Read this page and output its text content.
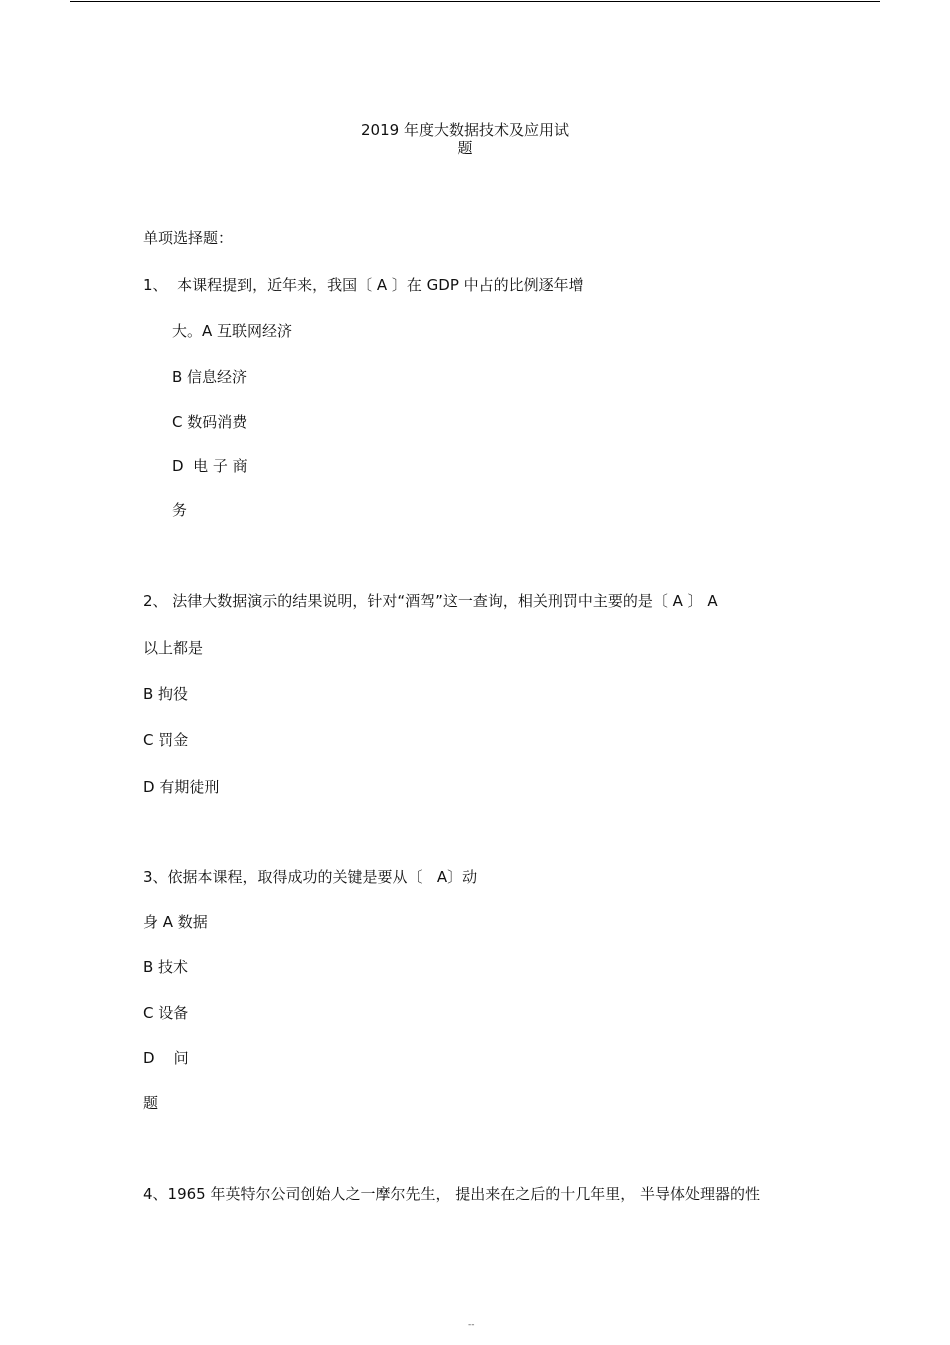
2019 年度大数据技术及应用试
题
单项选择题：
1、  本课程提到，近年来，我国〔 A 〕在 GDP 中占的比例逐年增
大。A 互联网经济
B 信息经济
C 数码消费
D  电 子 商
务
2、 法律大数据演示的结果说明，针对“酒驾”这一查询，相关刑罚中主要的是〔 A 〕 A
以上都是
B 拘役
C 罚金
D 有期徒刑
3、依据本课程，取得成功的关键是要从〔   A〕动
身 A 数据
B 技术
C 设备
D    问
题
4、1965 年英特尔公司创始人之一摩尔先生， 提出来在之后的十几年里， 半导体处理器的性
--
